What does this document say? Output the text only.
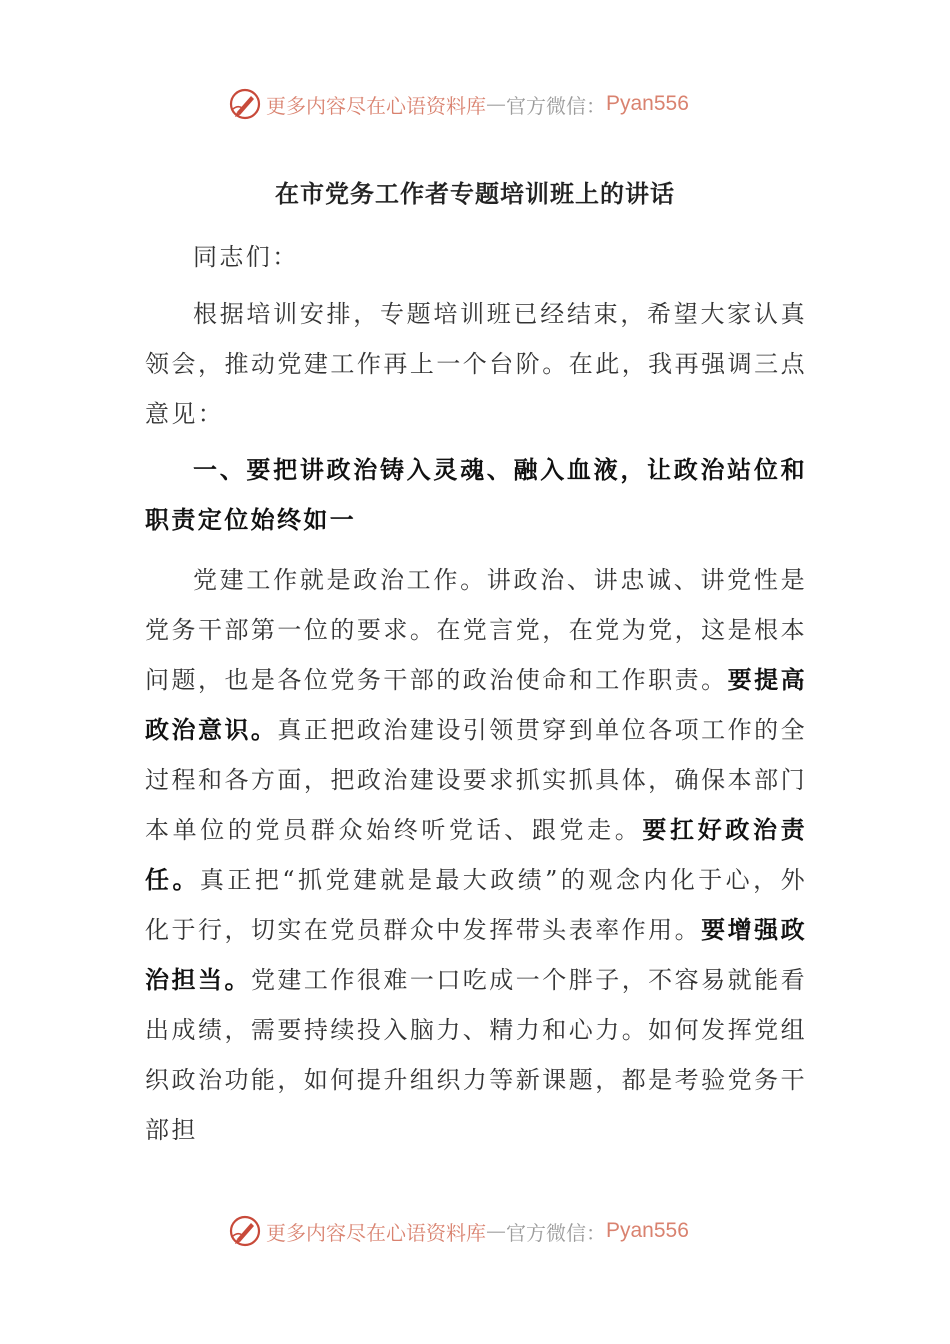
更多内容尽在心语资料库 — 官方微信： Pyan556
在市党务工作者专题培训班上的讲话

同志们：

根据培训安排，专题培训班已经结束，希望大家认真领会，推动党建工作再上一个台阶。在此，我再强调三点意见：

一、要把讲政治铸入灵魂、融入血液，让政治站位和职责定位始终如一

党建工作就是政治工作。讲政治、讲忠诚、讲党性是党务干部第一位的要求。在党言党，在党为党，这是根本问题，也是各位党务干部的政治使命和工作职责。要提高政治意识。真正把政治建设引领贯穿到单位各项工作的全过程和各方面，把政治建设要求抓实抓具体，确保本部门本单位的党员群众始终听党话、跟党走。要扛好政治责任。真正把“抓党建就是最大政绩”的观念内化于心，外化于行，切实在党员群众中发挥带头表率作用。要增强政治担当。党建工作很难一口吃成一个胖子，不容易就能看出成绩，需要持续投入脑力、精力和心力。如何发挥党组织政治功能，如何提升组织力等新课题，都是考验党务干部担

更多内容尽在心语资料库 — 官方微信： Pyan556
